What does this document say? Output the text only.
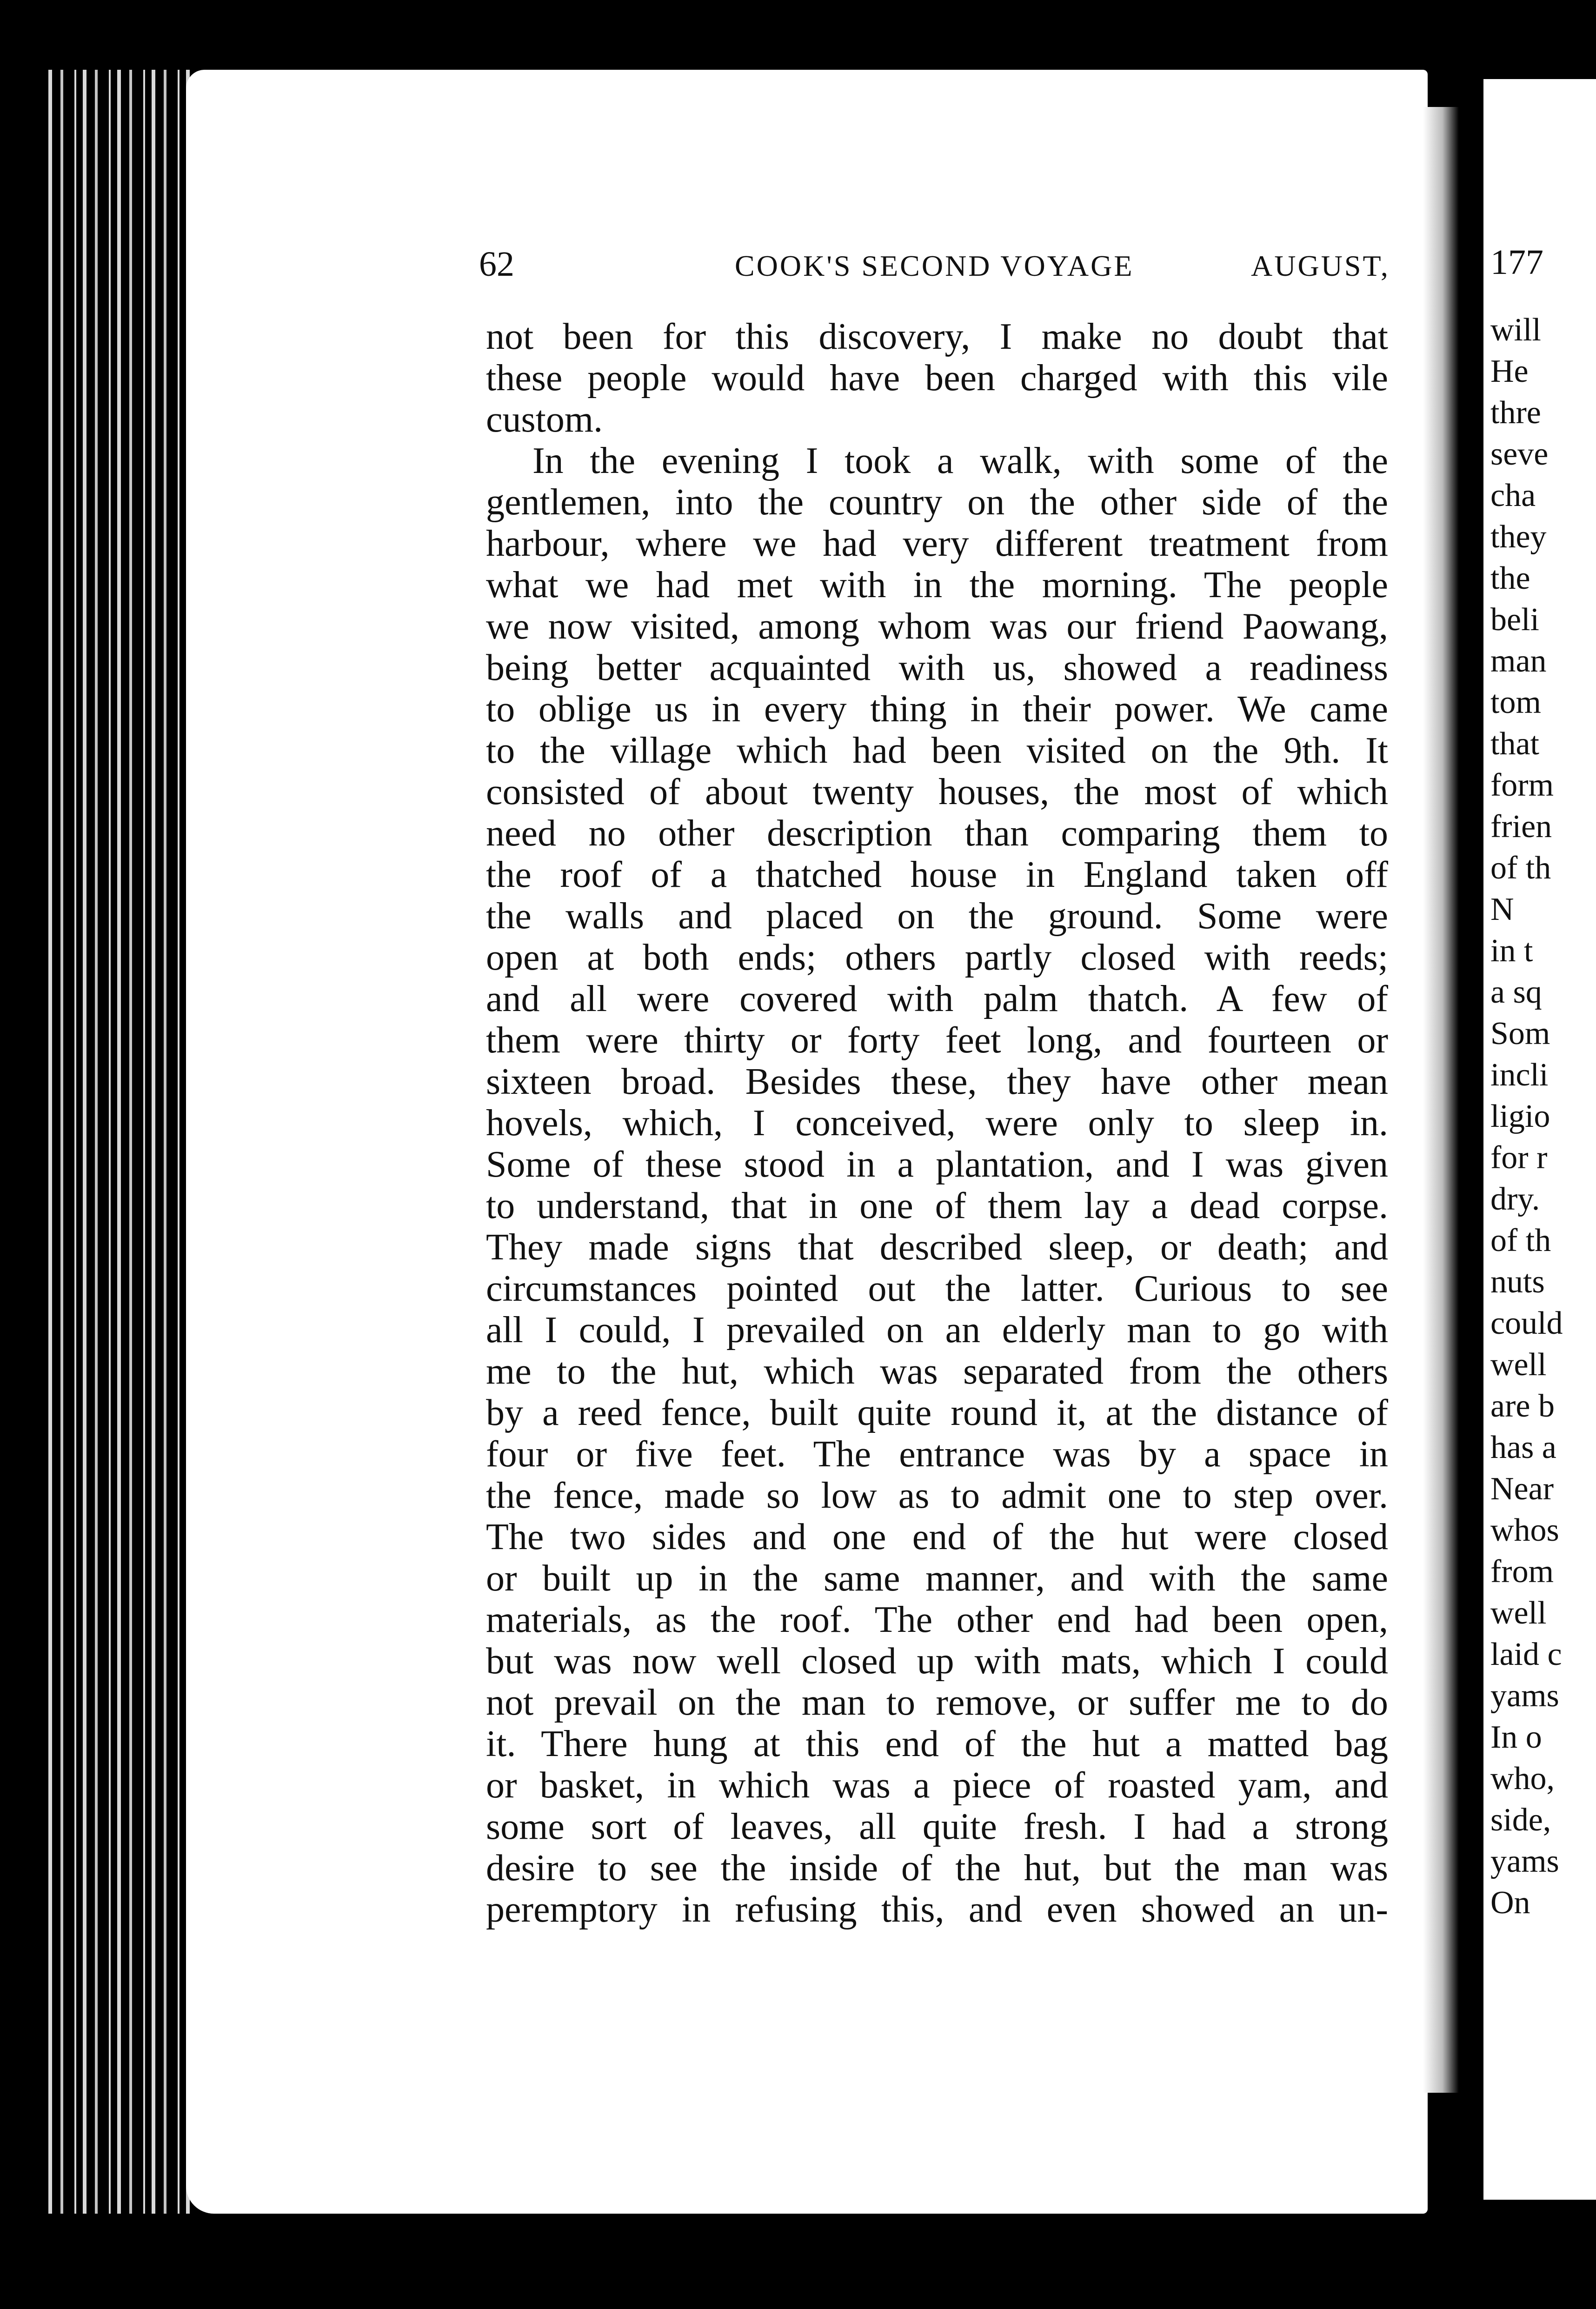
62	COOK'S SECOND VOYAGE	AUGUST,
not been for this discovery, I make no doubt that
these people would have been charged with this vile
custom.
In the evening I took a walk, with some of the
gentlemen, into the country on the other side of the
harbour, where we had very different treatment from
what we had met with in the morning. The people
we now visited, among whom was our friend Paowang,
being better acquainted with us, showed a readiness
to oblige us in every thing in their power. We came
to the village which had been visited on the 9th. It
consisted of about twenty houses, the most of which
need no other description than comparing them to
the roof of a thatched house in England taken off
the walls and placed on the ground. Some were
open at both ends; others partly closed with reeds;
and all were covered with palm thatch. A few of
them were thirty or forty feet long, and fourteen or
sixteen broad. Besides these, they have other mean
hovels, which, I conceived, were only to sleep in.
Some of these stood in a plantation, and I was given
to understand, that in one of them lay a dead corpse.
They made signs that described sleep, or death; and
circumstances pointed out the latter. Curious to see
all I could, I prevailed on an elderly man to go with
me to the hut, which was separated from the others
by a reed fence, built quite round it, at the distance of
four or five feet. The entrance was by a space in
the fence, made so low as to admit one to step over.
The two sides and one end of the hut were closed
or built up in the same manner, and with the same
materials, as the roof. The other end had been open,
but was now well closed up with mats, which I could
not prevail on the man to remove, or suffer me to do
it. There hung at this end of the hut a matted bag
or basket, in which was a piece of roasted yam, and
some sort of leaves, all quite fresh. I had a strong
desire to see the inside of the hut, but the man was
peremptory in refusing this, and even showed an un-
177
will
He
thre
seve
cha
they
the
beli
man
tom
that
form
frien
of th
N
in t
a sq
Som
incli
ligio
for r
dry.
of th
nuts
could
well
are b
has a
Near
whos
from
well
laid c
yams
In o
who,
side,
yams
On
